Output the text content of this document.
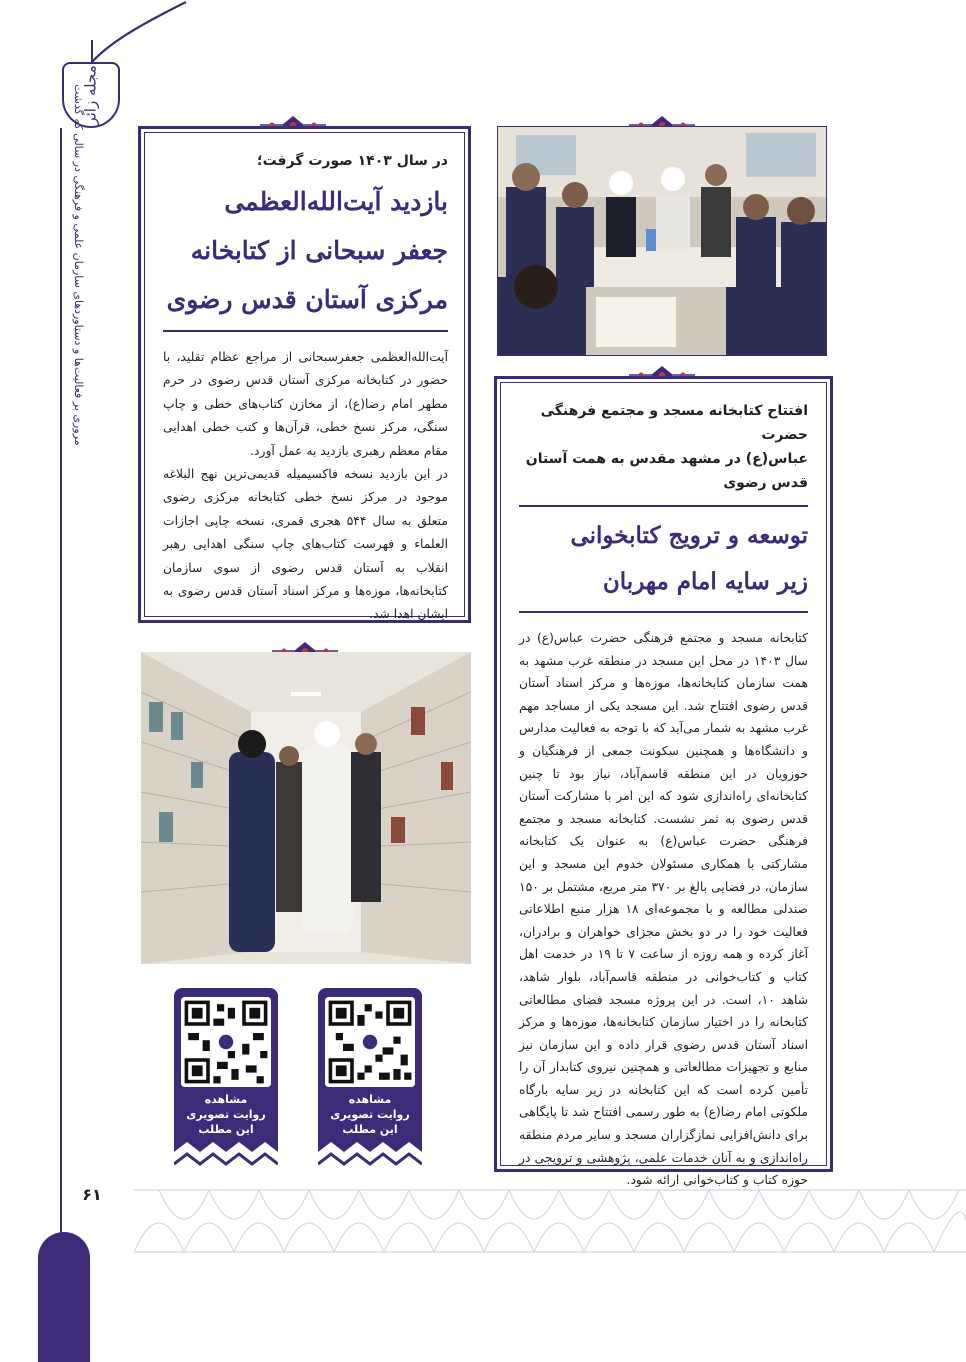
مجله زائر
مروری بر فعالیت‌ها و دستاوردهای سازمان علمی و فرهنگی در سالی که گذشت
۶۱
در سال ۱۴۰۳ صورت گرفت؛
بازدید آیت‌الله‌العظمی
جعفر سبحانی از کتابخانه
مرکزی آستان قدس رضوی

آیت‌الله‌العظمی جعفرسبحانی از مراجع عظام تقلید، با حضور در کتابخانه مرکزی آستان قدس رضوی در حرم مطهر امام رضا(ع)، از مخازن کتاب‌های خطی و چاپ سنگی، مرکز نسخ خطی، قرآن‌ها و کتب خطی اهدایی مقام معظم رهبری بازدید به عمل آورد.

در این بازدید نسخه فاکسیمیله قدیمی‌ترین نهج البلاغه موجود در مرکز نسخ خطی کتابخانه مرکزی رضوی متعلق به سال ۵۴۴ هجری قمری، نسخه چاپی اجازات العلماء و فهرست کتاب‌های چاپ سنگی اهدایی رهبر انقلاب به آستان قدس رضوی از سوی سازمان کتابخانه‌ها، موزه‌ها و مرکز اسناد آستان قدس رضوی به ایشان اهدا شد.

افتتاح کتابخانه مسجد و مجتمع فرهنگی حضرت
عباس(ع) در مشهد مقدس به همت آستان قدس رضوی
توسعه و ترویج کتابخوانی
زیر سایه امام مهربان

کتابخانه مسجد و مجتمع فرهنگی حضرت عباس(ع) در سال ۱۴۰۳ در محل این مسجد در منطقه غرب مشهد به همت سازمان کتابخانه‌ها، موزه‌ها و مرکز اسناد آستان قدس رضوی افتتاح شد. این مسجد یکی از مساجد مهم غرب مشهد به شمار می‌آید که با توجه به فعالیت مدارس و دانشگاه‌ها و همچنین سکونت جمعی از فرهنگیان و حوزویان در این منطقه قاسم‌آباد، نیاز بود تا چنین کتابخانه‌ای راه‌اندازی شود که این امر با مشارکت آستان قدس رضوی به ثمر نشست. کتابخانه مسجد و مجتمع فرهنگی حضرت عباس(ع) به عنوان یک کتابخانه مشارکتی با همکاری مسئولان خدوم این مسجد و این سازمان، در فضایی بالغ بر ۳۷۰ متر مربع، مشتمل بر ۱۵۰ صندلی مطالعه و با مجموعه‌ای ۱۸ هزار منبع اطلاعاتی فعالیت خود را در دو بخش مجزای خواهران و برادران، آغاز کرده و همه روزه از ساعت ۷ تا ۱۹ در خدمت اهل کتاب و کتاب‌خوانی در منطقه قاسم‌آباد، بلوار شاهد، شاهد ۱۰، است. در این پروژه مسجد فضای مطالعاتی کتابخانه را در اختیار سازمان کتابخانه‌ها، موزه‌ها و مرکز اسناد آستان قدس رضوی قرار داده و این سازمان نیز منابع و تجهیزات مطالعاتی و همچنین نیروی کتابدار آن را تأمین کرده است که این کتابخانه در زیر سایه بارگاه ملکوتی امام رضا(ع) به طور رسمی افتتاح شد تا پایگاهی برای دانش‌افزایی نمازگزاران مسجد و سایر مردم منطقه راه‌اندازی و به آنان خدمات علمی، پژوهشی و ترویجی در حوزه کتاب و کتاب‌خوانی ارائه شود.

مشاهده
روایت تصویری
این مطلب
مشاهده
روایت تصویری
این مطلب
